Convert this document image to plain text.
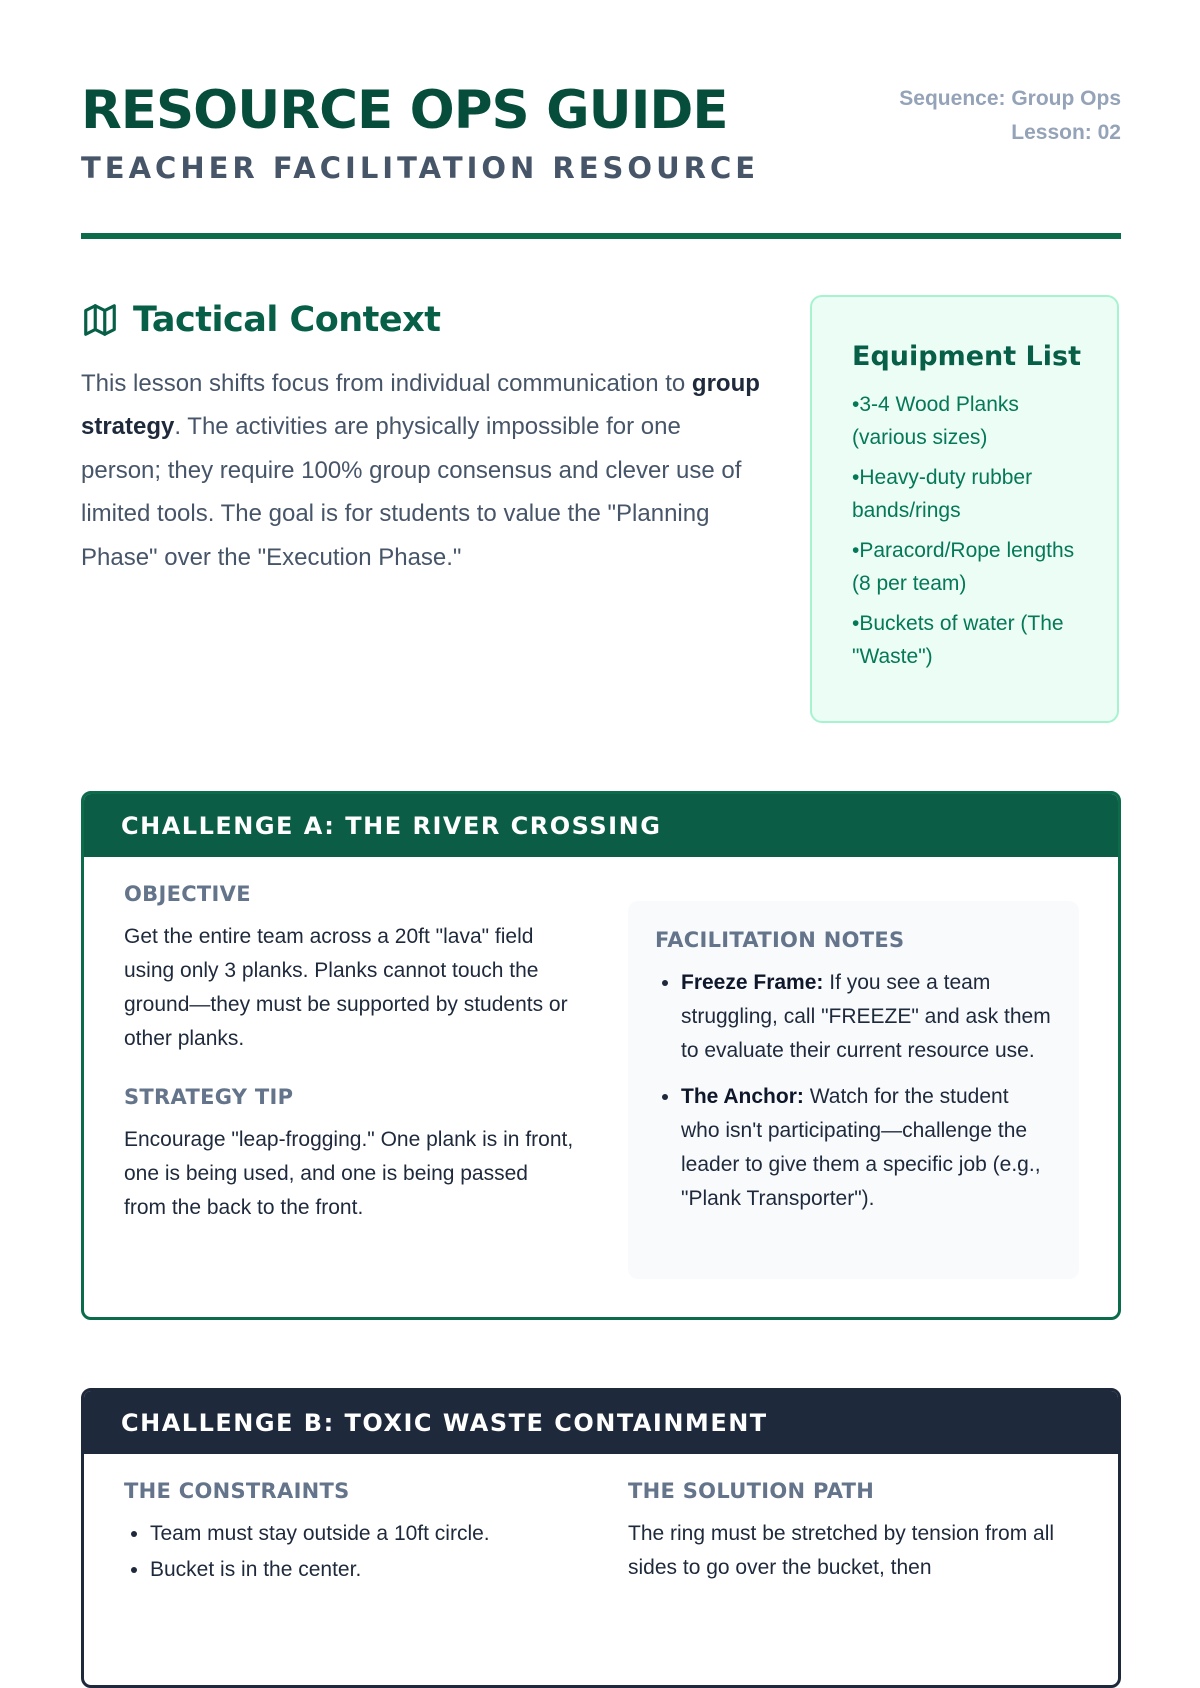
RESOURCE OPS GUIDE
TEACHER FACILITATION RESOURCE
Sequence: Group Ops
Lesson: 02
Tactical Context

This lesson shifts focus from individual communication to group strategy. The activities are physically impossible for one person; they require 100% group consensus and clever use of limited tools. The goal is for students to value the "Planning Phase" over the "Execution Phase."

Equipment List
• 3-4 Wood Planks (various sizes)
• Heavy-duty rubber bands/rings
• Paracord/Rope lengths (8 per team)
• Buckets of water (The "Waste")
CHALLENGE A: THE RIVER CROSSING
OBJECTIVE

Get the entire team across a 20ft "lava" field using only 3 planks. Planks cannot touch the ground—they must be supported by students or other planks.

STRATEGY TIP

Encourage "leap-frogging." One plank is in front, one is being used, and one is being passed from the back to the front.

FACILITATION NOTES
• Freeze Frame: If you see a team struggling, call "FREEZE" and ask them to evaluate their current resource use.
• The Anchor: Watch for the student who isn't participating—challenge the leader to give them a specific job (e.g., "Plank Transporter").
CHALLENGE B: TOXIC WASTE CONTAINMENT
THE CONSTRAINTS
• Team must stay outside a 10ft circle.
• Bucket is in the center.
THE SOLUTION PATH

The ring must be stretched by tension from all sides to go over the bucket, then
